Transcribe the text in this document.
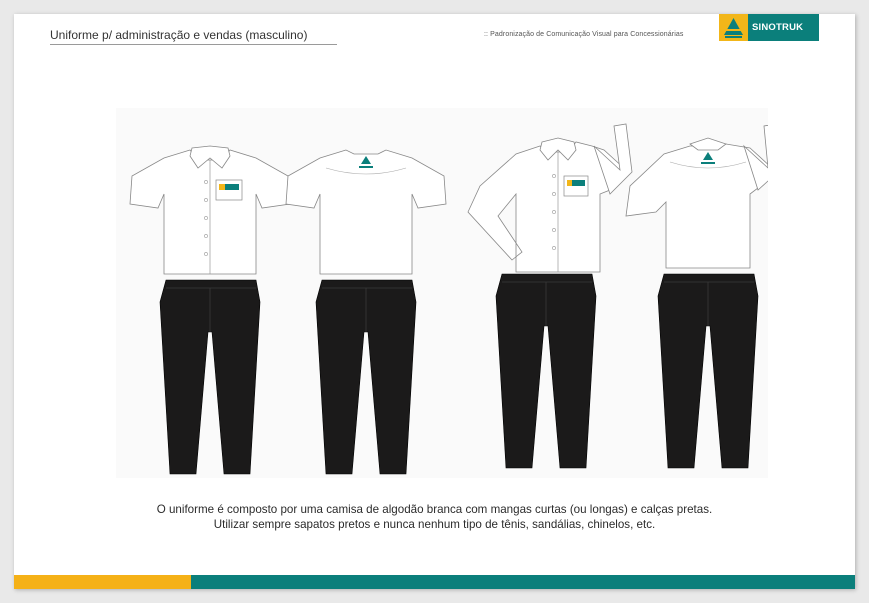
Uniforme p/ administração e vendas (masculino)	:: Padronização de Comunicação Visual para Concessionárias
SINOTRUK
O uniforme é composto por uma camisa de algodão branca com mangas curtas (ou longas) e calças pretas.
Utilizar sempre sapatos pretos e nunca nenhum tipo de tênis, sandálias, chinelos, etc.
